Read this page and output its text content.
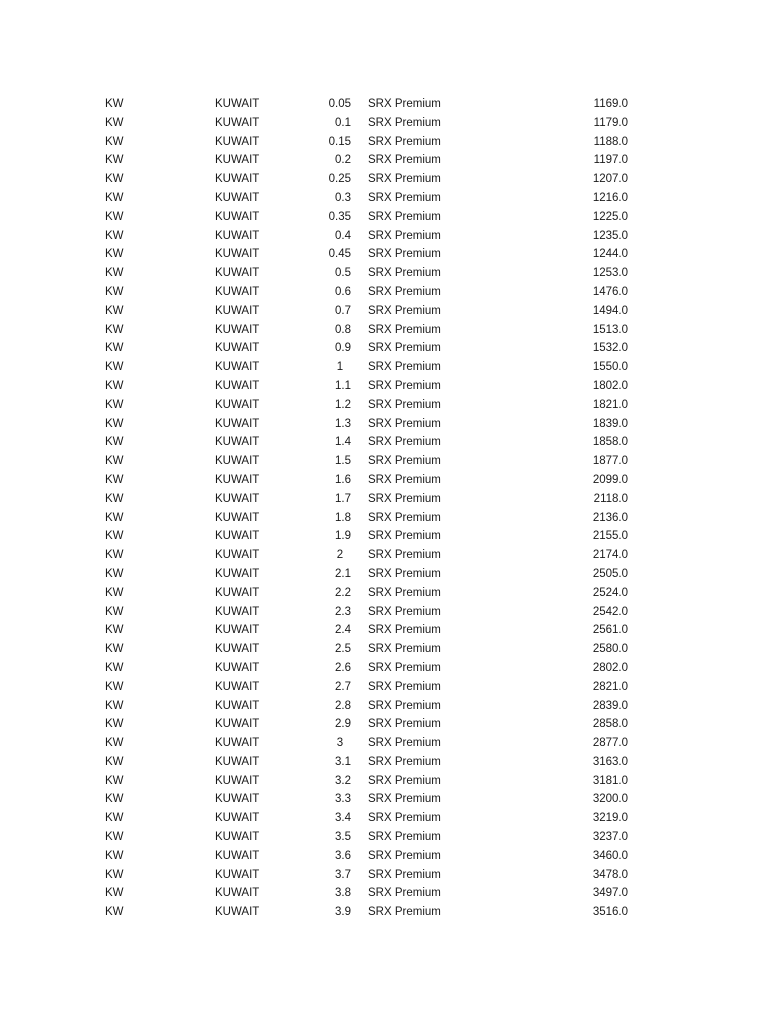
KW	KUWAIT	0.05 SRX Premium	1169.0
KW	KUWAIT	0.1 SRX Premium	1179.0
KW	KUWAIT	0.15 SRX Premium	1188.0
KW	KUWAIT	0.2 SRX Premium	1197.0
KW	KUWAIT	0.25 SRX Premium	1207.0
KW	KUWAIT	0.3 SRX Premium	1216.0
KW	KUWAIT	0.35 SRX Premium	1225.0
KW	KUWAIT	0.4 SRX Premium	1235.0
KW	KUWAIT	0.45 SRX Premium	1244.0
KW	KUWAIT	0.5 SRX Premium	1253.0
KW	KUWAIT	0.6 SRX Premium	1476.0
KW	KUWAIT	0.7 SRX Premium	1494.0
KW	KUWAIT	0.8 SRX Premium	1513.0
KW	KUWAIT	0.9 SRX Premium	1532.0
KW	KUWAIT	1	SRX Premium	1550.0
KW	KUWAIT	1.1 SRX Premium	1802.0
KW	KUWAIT	1.2 SRX Premium	1821.0
KW	KUWAIT	1.3 SRX Premium	1839.0
KW	KUWAIT	1.4 SRX Premium	1858.0
KW	KUWAIT	1.5 SRX Premium	1877.0
KW	KUWAIT	1.6 SRX Premium	2099.0
KW	KUWAIT	1.7 SRX Premium	2118.0
KW	KUWAIT	1.8 SRX Premium	2136.0
KW	KUWAIT	1.9 SRX Premium	2155.0
KW	KUWAIT	2	SRX Premium	2174.0
KW	KUWAIT	2.1 SRX Premium	2505.0
KW	KUWAIT	2.2 SRX Premium	2524.0
KW	KUWAIT	2.3 SRX Premium	2542.0
KW	KUWAIT	2.4 SRX Premium	2561.0
KW	KUWAIT	2.5 SRX Premium	2580.0
KW	KUWAIT	2.6 SRX Premium	2802.0
KW	KUWAIT	2.7 SRX Premium	2821.0
KW	KUWAIT	2.8 SRX Premium	2839.0
KW	KUWAIT	2.9 SRX Premium	2858.0
KW	KUWAIT	3	SRX Premium	2877.0
KW	KUWAIT	3.1 SRX Premium	3163.0
KW	KUWAIT	3.2 SRX Premium	3181.0
KW	KUWAIT	3.3 SRX Premium	3200.0
KW	KUWAIT	3.4 SRX Premium	3219.0
KW	KUWAIT	3.5 SRX Premium	3237.0
KW	KUWAIT	3.6 SRX Premium	3460.0
KW	KUWAIT	3.7 SRX Premium	3478.0
KW	KUWAIT	3.8 SRX Premium	3497.0
KW	KUWAIT	3.9 SRX Premium	3516.0
